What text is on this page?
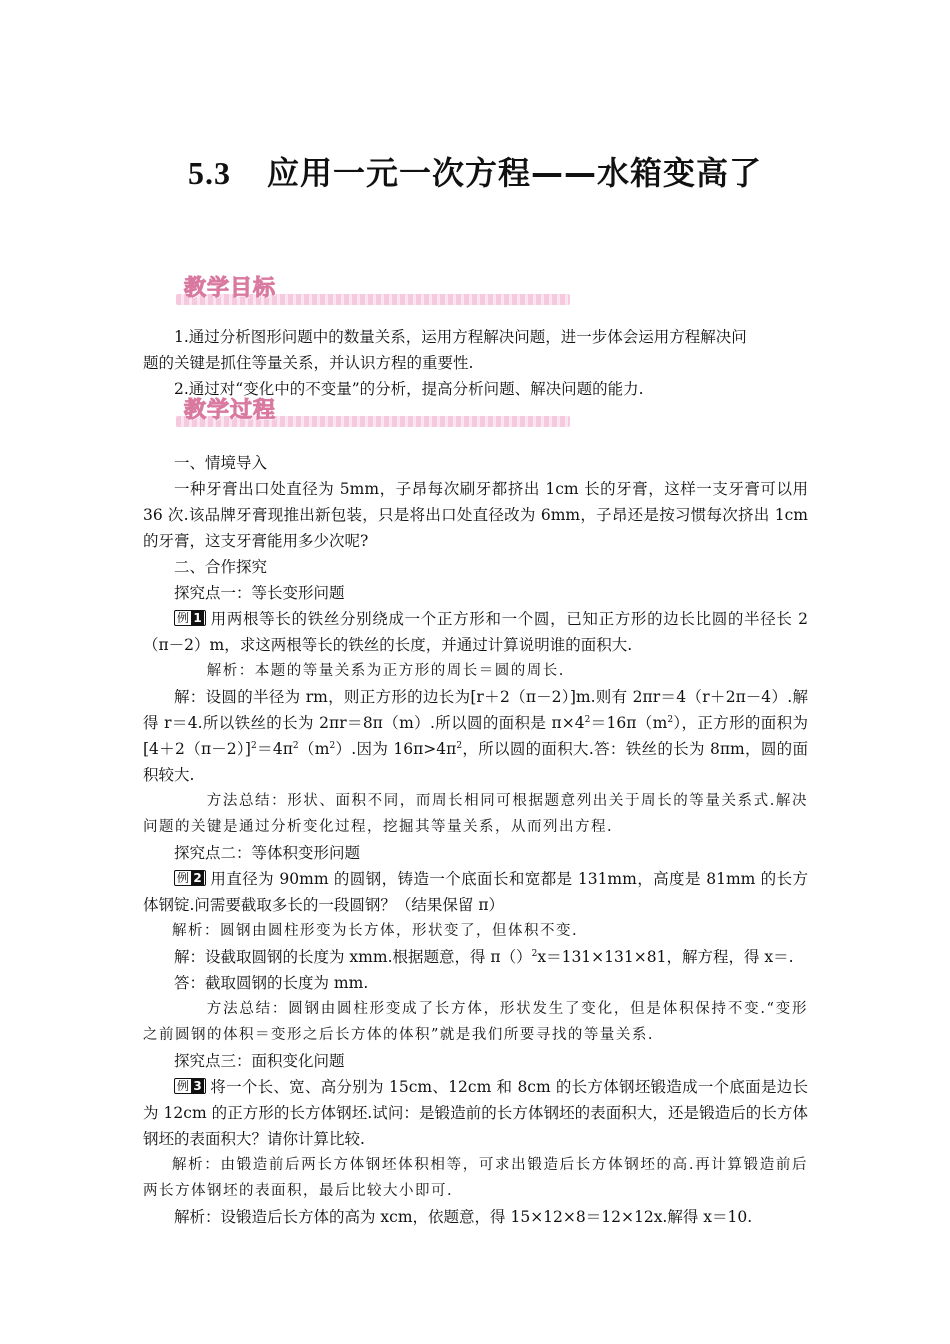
5.3 应用一元一次方程——水箱变高了
教学目标

1.通过分析图形问题中的数量关系，运用方程解决问题，进一步体会运用方程解决问

题的关键是抓住等量关系，并认识方程的重要性.

2.通过对“变化中的不变量”的分析，提高分析问题、解决问题的能力.

教学过程

一、情境导入

一种牙膏出口处直径为 5mm，子昂每次刷牙都挤出 1cm 长的牙膏，这样一支牙膏可以用 36 次.该品牌牙膏现推出新包装，只是将出口处直径改为 6mm，子昂还是按习惯每次挤出 1cm 的牙膏，这支牙膏能用多少次呢?

二、合作探究

探究点一：等长变形问题

例 1 用两根等长的铁丝分别绕成一个正方形和一个圆，已知正方形的边长比圆的半径长 2（π－2）m，求这两根等长的铁丝的长度，并通过计算说明谁的面积大.

解析：本题的等量关系为正方形的周长＝圆的周长.

解：设圆的半径为 rm，则正方形的边长为[r＋2（π－2）]m.则有 2πr＝4（r＋2π－4）.解得 r＝4.所以铁丝的长为 2πr＝8π（m）.所以圆的面积是 $\pi\times 4^2=16\pi(m^2)$，正方形的面积为$[4+2(\pi-2)]^2=4\pi^2(m^2)$.因为 $16\pi>4\pi^2$，所以圆的面积大.答：铁丝的长为 8πm，圆的面积较大.

方法总结：形状、面积不同，而周长相同可根据题意列出关于周长的等量关系式.解决问题的关键是通过分析变化过程，挖掘其等量关系，从而列出方程.

探究点二：等体积变形问题

例 2 用直径为 90mm 的圆钢，铸造一个底面长和宽都是 131mm，高度是 81mm 的长方体钢锭.问需要截取多长的一段圆钢？（结果保留 π）

解析：圆钢由圆柱形变为长方体，形状变了，但体积不变.

解：设截取圆钢的长度为 xmm.根据题意，得 π（）$^2$x＝131×131×81，解方程，得 x＝.

答：截取圆钢的长度为 mm.

方法总结：圆钢由圆柱形变成了长方体，形状发生了变化，但是体积保持不变.“变形之前圆钢的体积＝变形之后长方体的体积”就是我们所要寻找的等量关系.

探究点三：面积变化问题

例 3 将一个长、宽、高分别为 15cm、12cm 和 8cm 的长方体钢坯锻造成一个底面是边长为 12cm 的正方形的长方体钢坯.试问：是锻造前的长方体钢坯的表面积大，还是锻造后的长方体钢坯的表面积大？请你计算比较.

解析：由锻造前后两长方体钢坯体积相等，可求出锻造后长方体钢坯的高.再计算锻造前后两长方体钢坯的表面积，最后比较大小即可.

解析：设锻造后长方体的高为 xcm，依题意，得 15×12×8＝12×12x.解得 x＝10.
